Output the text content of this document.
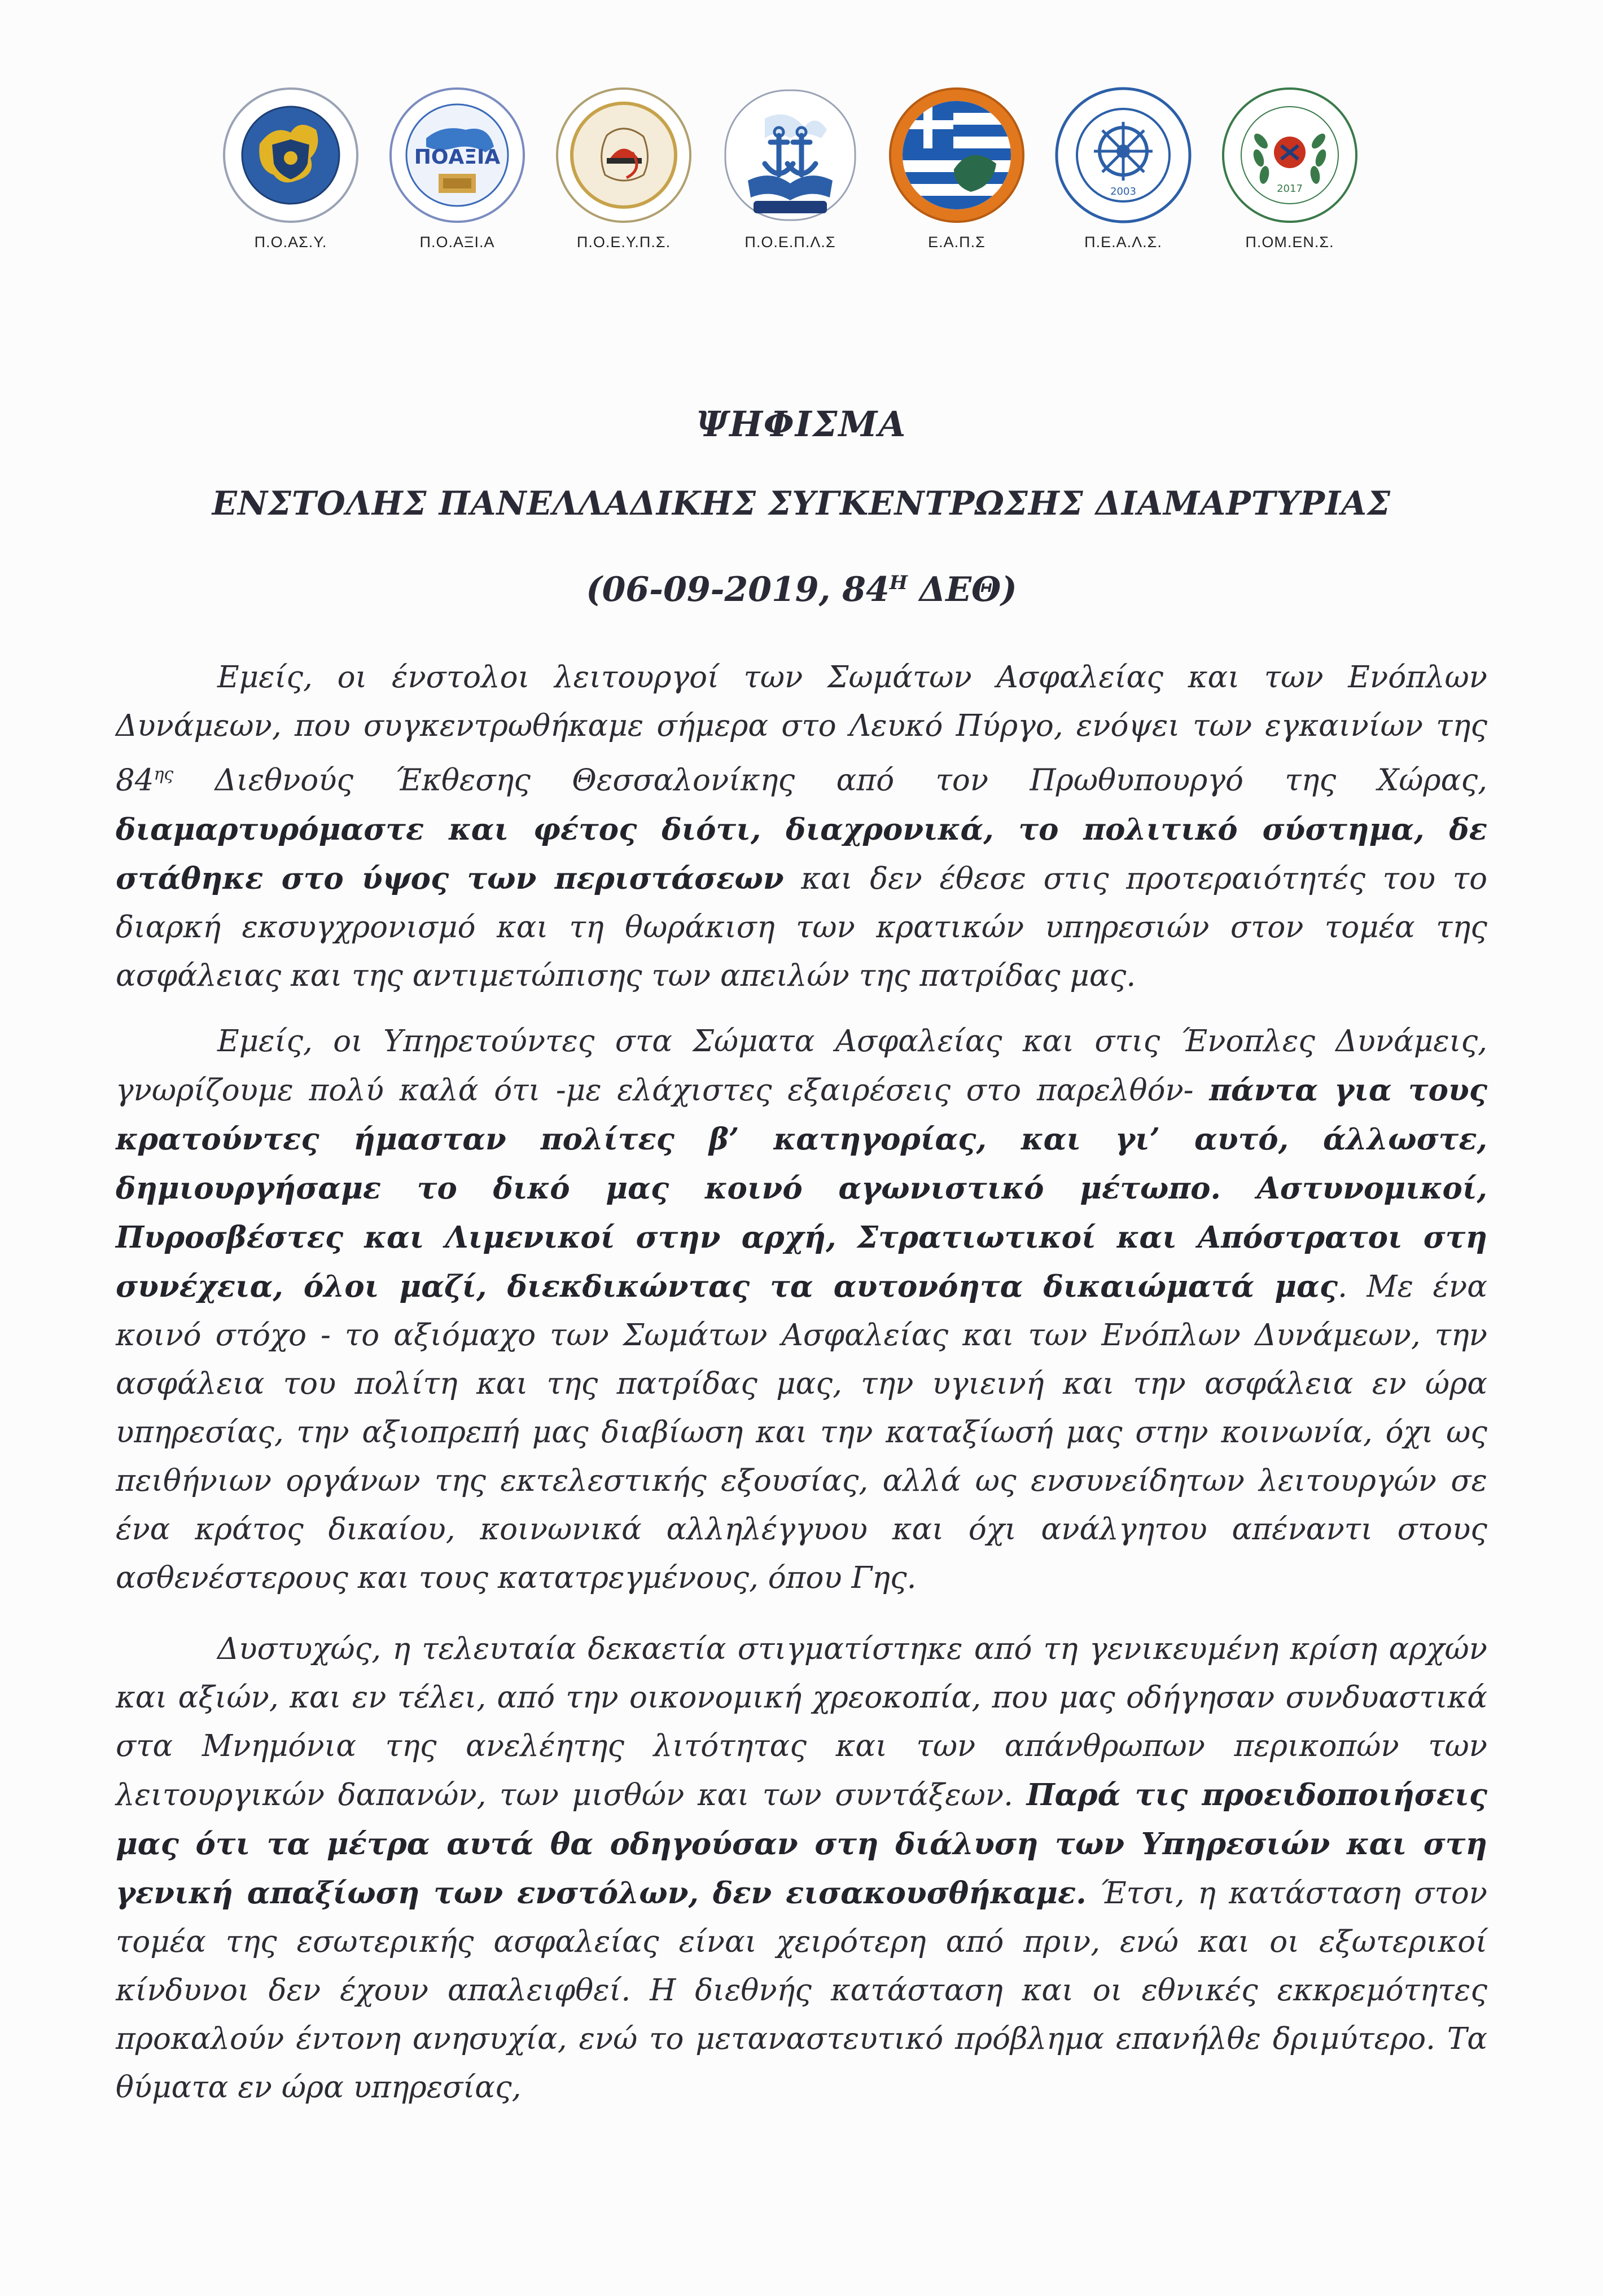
Π.Ο.ΑΣ.Υ.
ΠΟΑΞΙΑ
Π.Ο.ΑΞΙ.Α	Π.Ο.Ε.Υ.Π.Σ.	Π.Ο.Ε.Π.Λ.Σ	Ε.Α.Π.Σ
2003
Π.Ε.Α.Λ.Σ.
2017
Π.ΟΜ.ΕΝ.Σ.
ΨΗΦΙΣΜΑ
ΕΝΣΤΟΛΗΣ ΠΑΝΕΛΛΑΔΙΚΗΣ ΣΥΓΚΕΝΤΡΩΣΗΣ ΔΙΑΜΑΡΤΥΡΙΑΣ
(06-09-2019, $84^H$ ΔΕΘ)

Εμείς, οι ένστολοι λειτουργοί των Σωμάτων Ασφαλείας και των Ενόπλων Δυνάμεων, που συγκεντρωθήκαμε σήμερα στο Λευκό Πύργο, ενόψει των εγκαινίων της $84^{\eta\varsigma}$ Διεθνούς Έκθεσης Θεσσαλονίκης από τον Πρωθυπουργό της Χώρας, διαμαρτυρόμαστε και φέτος διότι, διαχρονικά, το πολιτικό σύστημα, δε στάθηκε στο ύψος των περιστάσεων και δεν έθεσε στις προτεραιότητές του το διαρκή εκσυγχρονισμό και τη θωράκιση των κρατικών υπηρεσιών στον τομέα της ασφάλειας και της αντιμετώπισης των απειλών της πατρίδας μας.

Εμείς, οι Υπηρετούντες στα Σώματα Ασφαλείας και στις Ένοπλες Δυνάμεις, γνωρίζουμε πολύ καλά ότι -με ελάχιστες εξαιρέσεις στο παρελθόν- πάντα για τους κρατούντες ήμασταν πολίτες β’ κατηγορίας, και γι’ αυτό, άλλωστε, δημιουργήσαμε το δικό μας κοινό αγωνιστικό μέτωπο. Αστυνομικοί, Πυροσβέστες και Λιμενικοί στην αρχή, Στρατιωτικοί και Απόστρατοι στη συνέχεια, όλοι μαζί, διεκδικώντας τα αυτονόητα δικαιώματά μας. Με ένα κοινό στόχο - το αξιόμαχο των Σωμάτων Ασφαλείας και των Ενόπλων Δυνάμεων, την ασφάλεια του πολίτη και της πατρίδας μας, την υγιεινή και την ασφάλεια εν ώρα υπηρεσίας, την αξιοπρεπή μας διαβίωση και την καταξίωσή μας στην κοινωνία, όχι ως πειθήνιων οργάνων της εκτελεστικής εξουσίας, αλλά ως ενσυνείδητων λειτουργών σε ένα κράτος δικαίου, κοινωνικά αλληλέγγυου και όχι ανάλγητου απέναντι στους ασθενέστερους και τους κατατρεγμένους, όπου Γης.

Δυστυχώς, η τελευταία δεκαετία στιγματίστηκε από τη γενικευμένη κρίση αρχών και αξιών, και εν τέλει, από την οικονομική χρεοκοπία, που μας οδήγησαν συνδυαστικά στα Μνημόνια της ανελέητης λιτότητας και των απάνθρωπων περικοπών των λειτουργικών δαπανών, των μισθών και των συντάξεων. Παρά τις προειδοποιήσεις μας ότι τα μέτρα αυτά θα οδηγούσαν στη διάλυση των Υπηρεσιών και στη γενική απαξίωση των ενστόλων, δεν εισακουσθήκαμε. Έτσι, η κατάσταση στον τομέα της εσωτερικής ασφαλείας είναι χειρότερη από πριν, ενώ και οι εξωτερικοί κίνδυνοι δεν έχουν απαλειφθεί. Η διεθνής κατάσταση και οι εθνικές εκκρεμότητες προκαλούν έντονη ανησυχία, ενώ το μεταναστευτικό πρόβλημα επανήλθε δριμύτερο. Τα θύματα εν ώρα υπηρεσίας,
